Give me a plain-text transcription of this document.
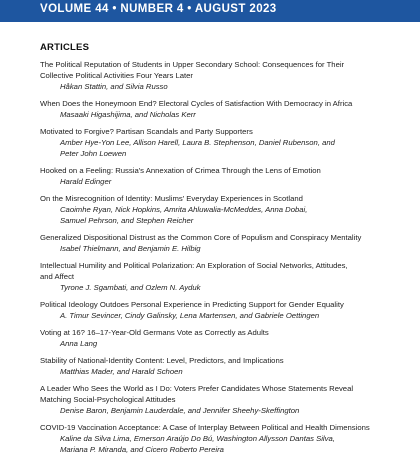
VOLUME 44 • NUMBER 4 • AUGUST 2023
ARTICLES
The Political Reputation of Students in Upper Secondary School: Consequences for Their
Collective Political Activities Four Years Later
Håkan Stattin, and Silvia Russo
When Does the Honeymoon End? Electoral Cycles of Satisfaction With Democracy in Africa
Masaaki Higashijima, and Nicholas Kerr
Motivated to Forgive? Partisan Scandals and Party Supporters
Amber Hye-Yon Lee, Allison Harell, Laura B. Stephenson, Daniel Rubenson, and
Peter John Loewen
Hooked on a Feeling: Russia's Annexation of Crimea Through the Lens of Emotion
Harald Edinger
On the Misrecognition of Identity: Muslims' Everyday Experiences in Scotland
Caoimhe Ryan, Nick Hopkins, Amrita Ahluwalia-McMeddes, Anna Dobai,
Samuel Pehrson, and Stephen Reicher
Generalized Dispositional Distrust as the Common Core of Populism and Conspiracy Mentality
Isabel Thielmann, and Benjamin E. Hilbig
Intellectual Humility and Political Polarization: An Exploration of Social Networks, Attitudes,
and Affect
Tyrone J. Sgambati, and Ozlem N. Ayduk
Political Ideology Outdoes Personal Experience in Predicting Support for Gender Equality
A. Timur Sevincer, Cindy Galinsky, Lena Martensen, and Gabriele Oettingen
Voting at 16? 16–17-Year-Old Germans Vote as Correctly as Adults
Anna Lang
Stability of National-Identity Content: Level, Predictors, and Implications
Matthias Mader, and Harald Schoen
A Leader Who Sees the World as I Do: Voters Prefer Candidates Whose Statements Reveal
Matching Social-Psychological Attitudes
Denise Baron, Benjamin Lauderdale, and Jennifer Sheehy-Skeffington
COVID-19 Vaccination Acceptance: A Case of Interplay Between Political and Health Dimensions
Kaline da Silva Lima, Emerson Araújo Do Bú, Washington Allysson Dantas Silva,
Mariana P. Miranda, and Cicero Roberto Pereira
